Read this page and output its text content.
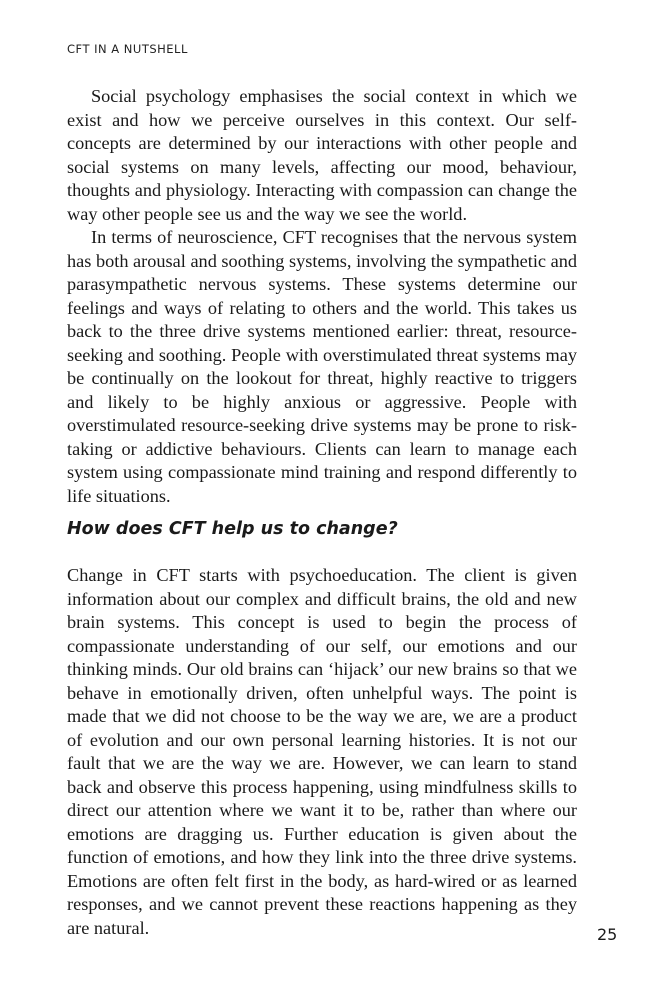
CFT IN A NUTSHELL

Social psychology emphasises the social context in which we exist and how we perceive ourselves in this context. Our self-concepts are determined by our interactions with other people and social systems on many levels, affecting our mood, behaviour, thoughts and physiology. Interacting with compassion can change the way other people see us and the way we see the world.

In terms of neuroscience, CFT recognises that the nervous system has both arousal and soothing systems, involving the sympathetic and parasympathetic nervous systems. These systems determine our feelings and ways of relating to others and the world. This takes us back to the three drive systems mentioned earlier: threat, resource-seeking and soothing. People with overstimulated threat systems may be continually on the lookout for threat, highly reactive to triggers and likely to be highly anxious or aggressive. People with overstimulated resource-seeking drive systems may be prone to risk-taking or addictive behaviours. Clients can learn to manage each system using compassionate mind training and respond differently to life situations.

How does CFT help us to change?

Change in CFT starts with psychoeducation. The client is given information about our complex and difficult brains, the old and new brain systems. This concept is used to begin the process of compassionate understanding of our self, our emotions and our thinking minds. Our old brains can ‘hijack’ our new brains so that we behave in emotionally driven, often unhelpful ways. The point is made that we did not choose to be the way we are, we are a product of evolution and our own personal learning histories. It is not our fault that we are the way we are. However, we can learn to stand back and observe this process happening, using mindfulness skills to direct our attention where we want it to be, rather than where our emotions are dragging us. Further education is given about the function of emotions, and how they link into the three drive systems. Emotions are often felt first in the body, as hard-wired or as learned responses, and we cannot prevent these reactions happening as they are natural.	25
